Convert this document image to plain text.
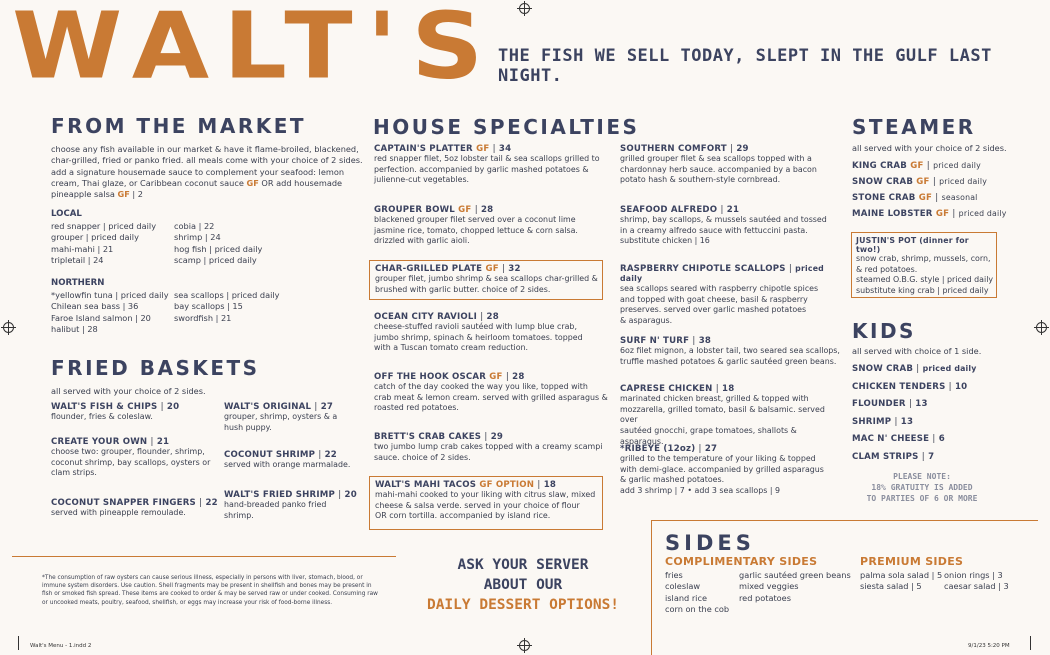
WALT'S THE FISH WE SELL TODAY, SLEPT IN THE GULF LAST NIGHT.
FROM THE MARKET
choose any fish available in our market & have it flame-broiled, blackened,
char-grilled, fried or panko fried. all meals come with your choice of 2 sides.
add a signature housemade sauce to complement your seafood: lemon
cream, Thai glaze, or Caribbean coconut sauce GF OR add housemade
pineapple salsa GF | 2
LOCAL
red snapper | priced daily
grouper | priced daily
mahi-mahi | 21
tripletail | 24
cobia | 22
shrimp | 24
hog fish | priced daily
scamp | priced daily
NORTHERN
*yellowfin tuna | priced daily
Chilean sea bass | 36
Faroe Island salmon | 20
halibut | 28
sea scallops | priced daily
bay scallops | 15
swordfish | 21
FRIED BASKETS
all served with your choice of 2 sides.
WALT'S FISH & CHIPS | 20
flounder, fries & coleslaw.
CREATE YOUR OWN | 21
choose two: grouper, flounder, shrimp,
coconut shrimp, bay scallops, oysters or
clam strips.
COCONUT SNAPPER FINGERS | 22
served with pineapple remoulade.
WALT'S ORIGINAL | 27
grouper, shrimp, oysters & a
hush puppy.
COCONUT SHRIMP | 22
served with orange marmalade.
WALT'S FRIED SHRIMP | 20
hand-breaded panko fried
shrimp.
HOUSE SPECIALTIES
CAPTAIN'S PLATTER GF | 34
red snapper filet, 5oz lobster tail & sea scallops grilled to
perfection. accompanied by garlic mashed potatoes &
julienne-cut vegetables.
GROUPER BOWL GF | 28
blackened grouper filet served over a coconut lime
jasmine rice, tomato, chopped lettuce & corn salsa.
drizzled with garlic aioli.
CHAR-GRILLED PLATE GF | 32
grouper filet, jumbo shrimp & sea scallops char-grilled &
brushed with garlic butter. choice of 2 sides.
OCEAN CITY RAVIOLI | 28
cheese-stuffed ravioli sautéed with lump blue crab,
jumbo shrimp, spinach & heirloom tomatoes. topped
with a Tuscan tomato cream reduction.
OFF THE HOOK OSCAR GF | 28
catch of the day cooked the way you like, topped with
crab meat & lemon cream. served with grilled asparagus &
roasted red potatoes.
BRETT'S CRAB CAKES | 29
two jumbo lump crab cakes topped with a creamy scampi
sauce. choice of 2 sides.
WALT'S MAHI TACOS GF OPTION | 18
mahi-mahi cooked to your liking with citrus slaw, mixed
cheese & salsa verde. served in your choice of flour
OR corn tortilla. accompanied by island rice.
SOUTHERN COMFORT | 29
grilled grouper filet & sea scallops topped with a
chardonnay herb sauce. accompanied by a bacon
potato hash & southern-style cornbread.
SEAFOOD ALFREDO | 21
shrimp, bay scallops, & mussels sautéed and tossed
in a creamy alfredo sauce with fettuccini pasta.
substitute chicken | 16
RASPBERRY CHIPOTLE SCALLOPS | priced daily
sea scallops seared with raspberry chipotle spices
and topped with goat cheese, basil & raspberry
preserves. served over garlic mashed potatoes
& asparagus.
SURF N' TURF | 38
6oz filet mignon, a lobster tail, two seared sea scallops,
truffle mashed potatoes & garlic sautéed green beans.
CAPRESE CHICKEN | 18
marinated chicken breast, grilled & topped with
mozzarella, grilled tomato, basil & balsamic. served over
sautéed gnocchi, grape tomatoes, shallots & asparagus.
*RIBEYE (12oz) | 27
grilled to the temperature of your liking & topped
with demi-glace. accompanied by grilled asparagus
& garlic mashed potatoes.
add 3 shrimp | 7 • add 3 sea scallops | 9
STEAMER
all served with your choice of 2 sides.
KING CRAB GF | priced daily
SNOW CRAB GF | priced daily
STONE CRAB GF | seasonal
MAINE LOBSTER GF | priced daily
JUSTIN'S POT (dinner for two!)
snow crab, shrimp, mussels, corn,
& red potatoes.
steamed O.B.G. style | priced daily
substitute king crab | priced daily
KIDS
all served with choice of 1 side.
SNOW CRAB | priced daily
CHICKEN TENDERS | 10
FLOUNDER | 13
SHRIMP | 13
MAC N' CHEESE | 6
CLAM STRIPS | 7
PLEASE NOTE:
18% GRATUITY IS ADDED
TO PARTIES OF 6 OR MORE
ASK YOUR SERVER
ABOUT OUR
DAILY DESSERT OPTIONS!
*The consumption of raw oysters can cause serious illness, especially in persons with liver, stomach, blood, or
immune system disorders. Use caution. Shell fragments may be present in shellfish and bones may be present in
fish or smoked fish spread. These items are cooked to order & may be served raw or under cooked. Consuming raw
or uncooked meats, poultry, seafood, shellfish, or eggs may increase your risk of food-borne illness.
SIDES
COMPLIMENTARY SIDES
fries
coleslaw
island rice
corn on the cob
garlic sautéed green beans
mixed veggies
red potatoes
PREMIUM SIDES
palma sola salad | 5
siesta salad | 5
onion rings | 3
caesar salad | 3
Walt's Menu - 1.indd 2	9/1/23 5:20 PM
